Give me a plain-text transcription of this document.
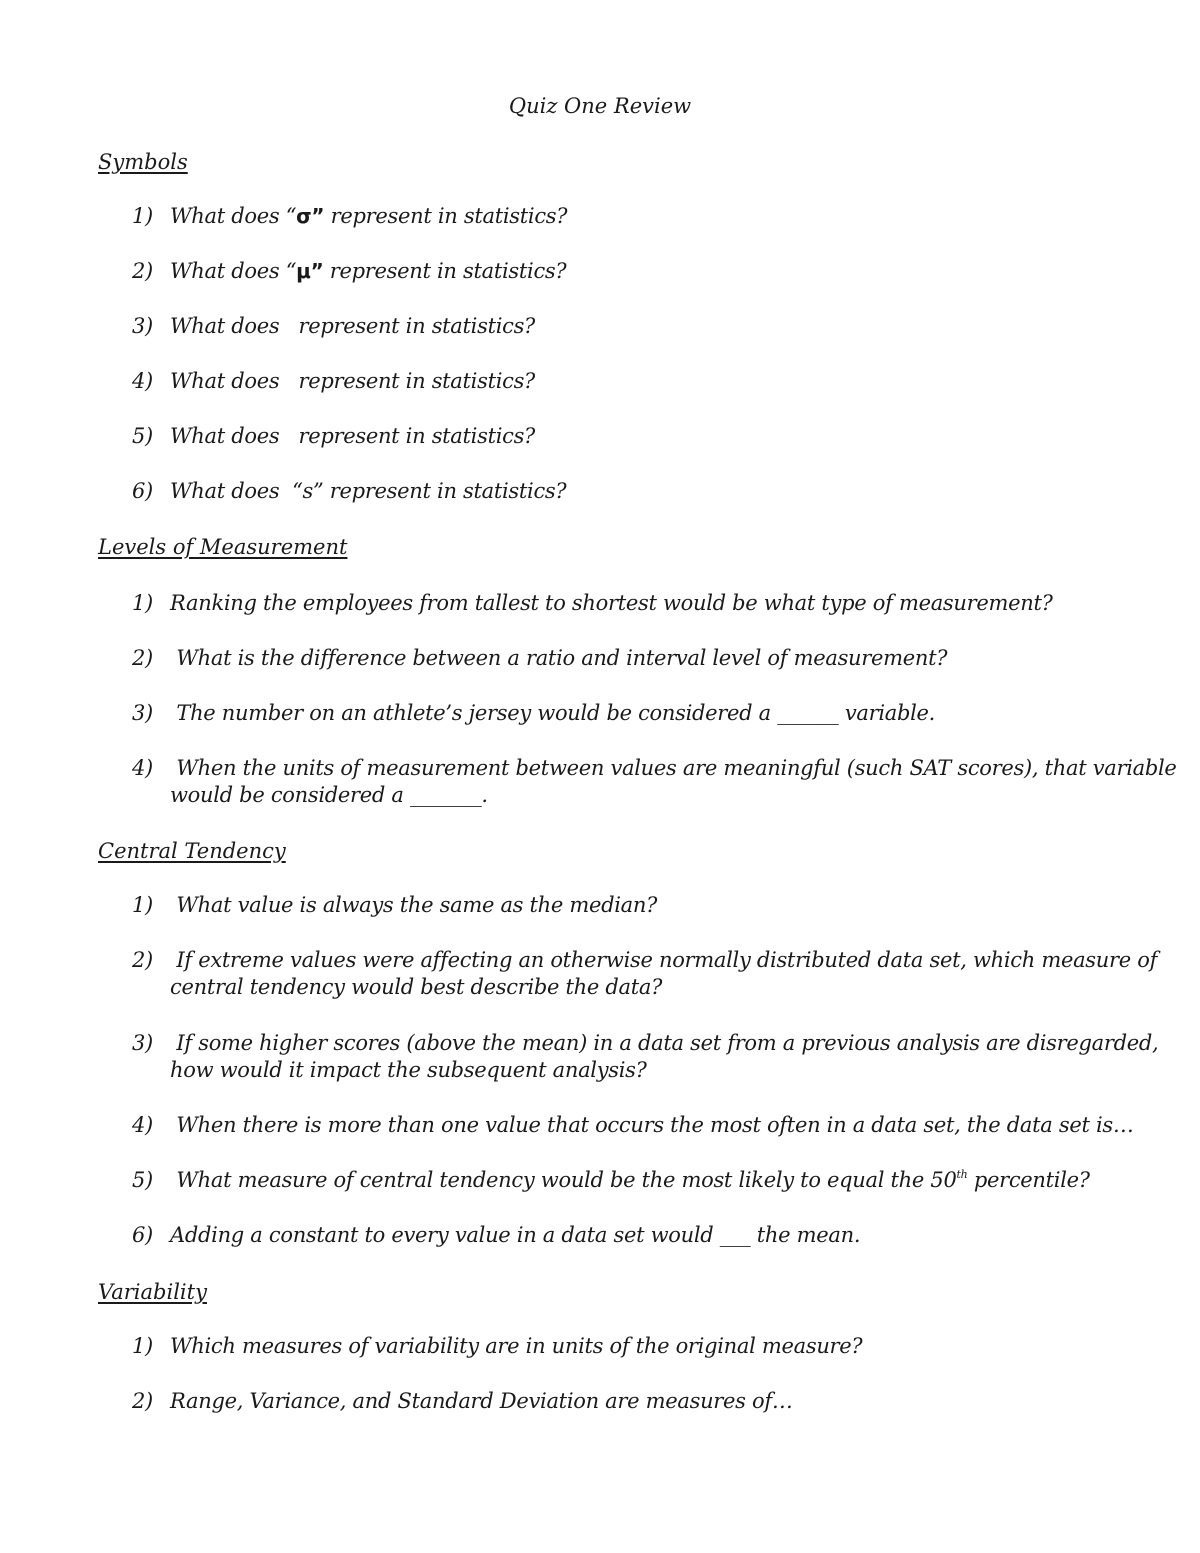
Quiz One Review
Symbols
1) What does “σ” represent in statistics?
2) What does “μ” represent in statistics?
3) What does   represent in statistics?
4) What does   represent in statistics?
5) What does   represent in statistics?
6) What does  “s” represent in statistics?
Levels of Measurement
1) Ranking the employees from tallest to shortest would be what type of measurement?
2) What is the difference between a ratio and interval level of measurement?
3) The number on an athlete’s jersey would be considered a ______ variable.
4) When the units of measurement between values are meaningful (such SAT scores), that variable
would be considered a _______.
Central Tendency
1) What value is always the same as the median?
2) If extreme values were affecting an otherwise normally distributed data set, which measure of
central tendency would best describe the data?
3) If some higher scores (above the mean) in a data set from a previous analysis are disregarded,
how would it impact the subsequent analysis?
4) When there is more than one value that occurs the most often in a data set, the data set is…
5) What measure of central tendency would be the most likely to equal the 50th percentile?
6) Adding a constant to every value in a data set would ___ the mean.
Variability
1) Which measures of variability are in units of the original measure?
2) Range, Variance, and Standard Deviation are measures of…
